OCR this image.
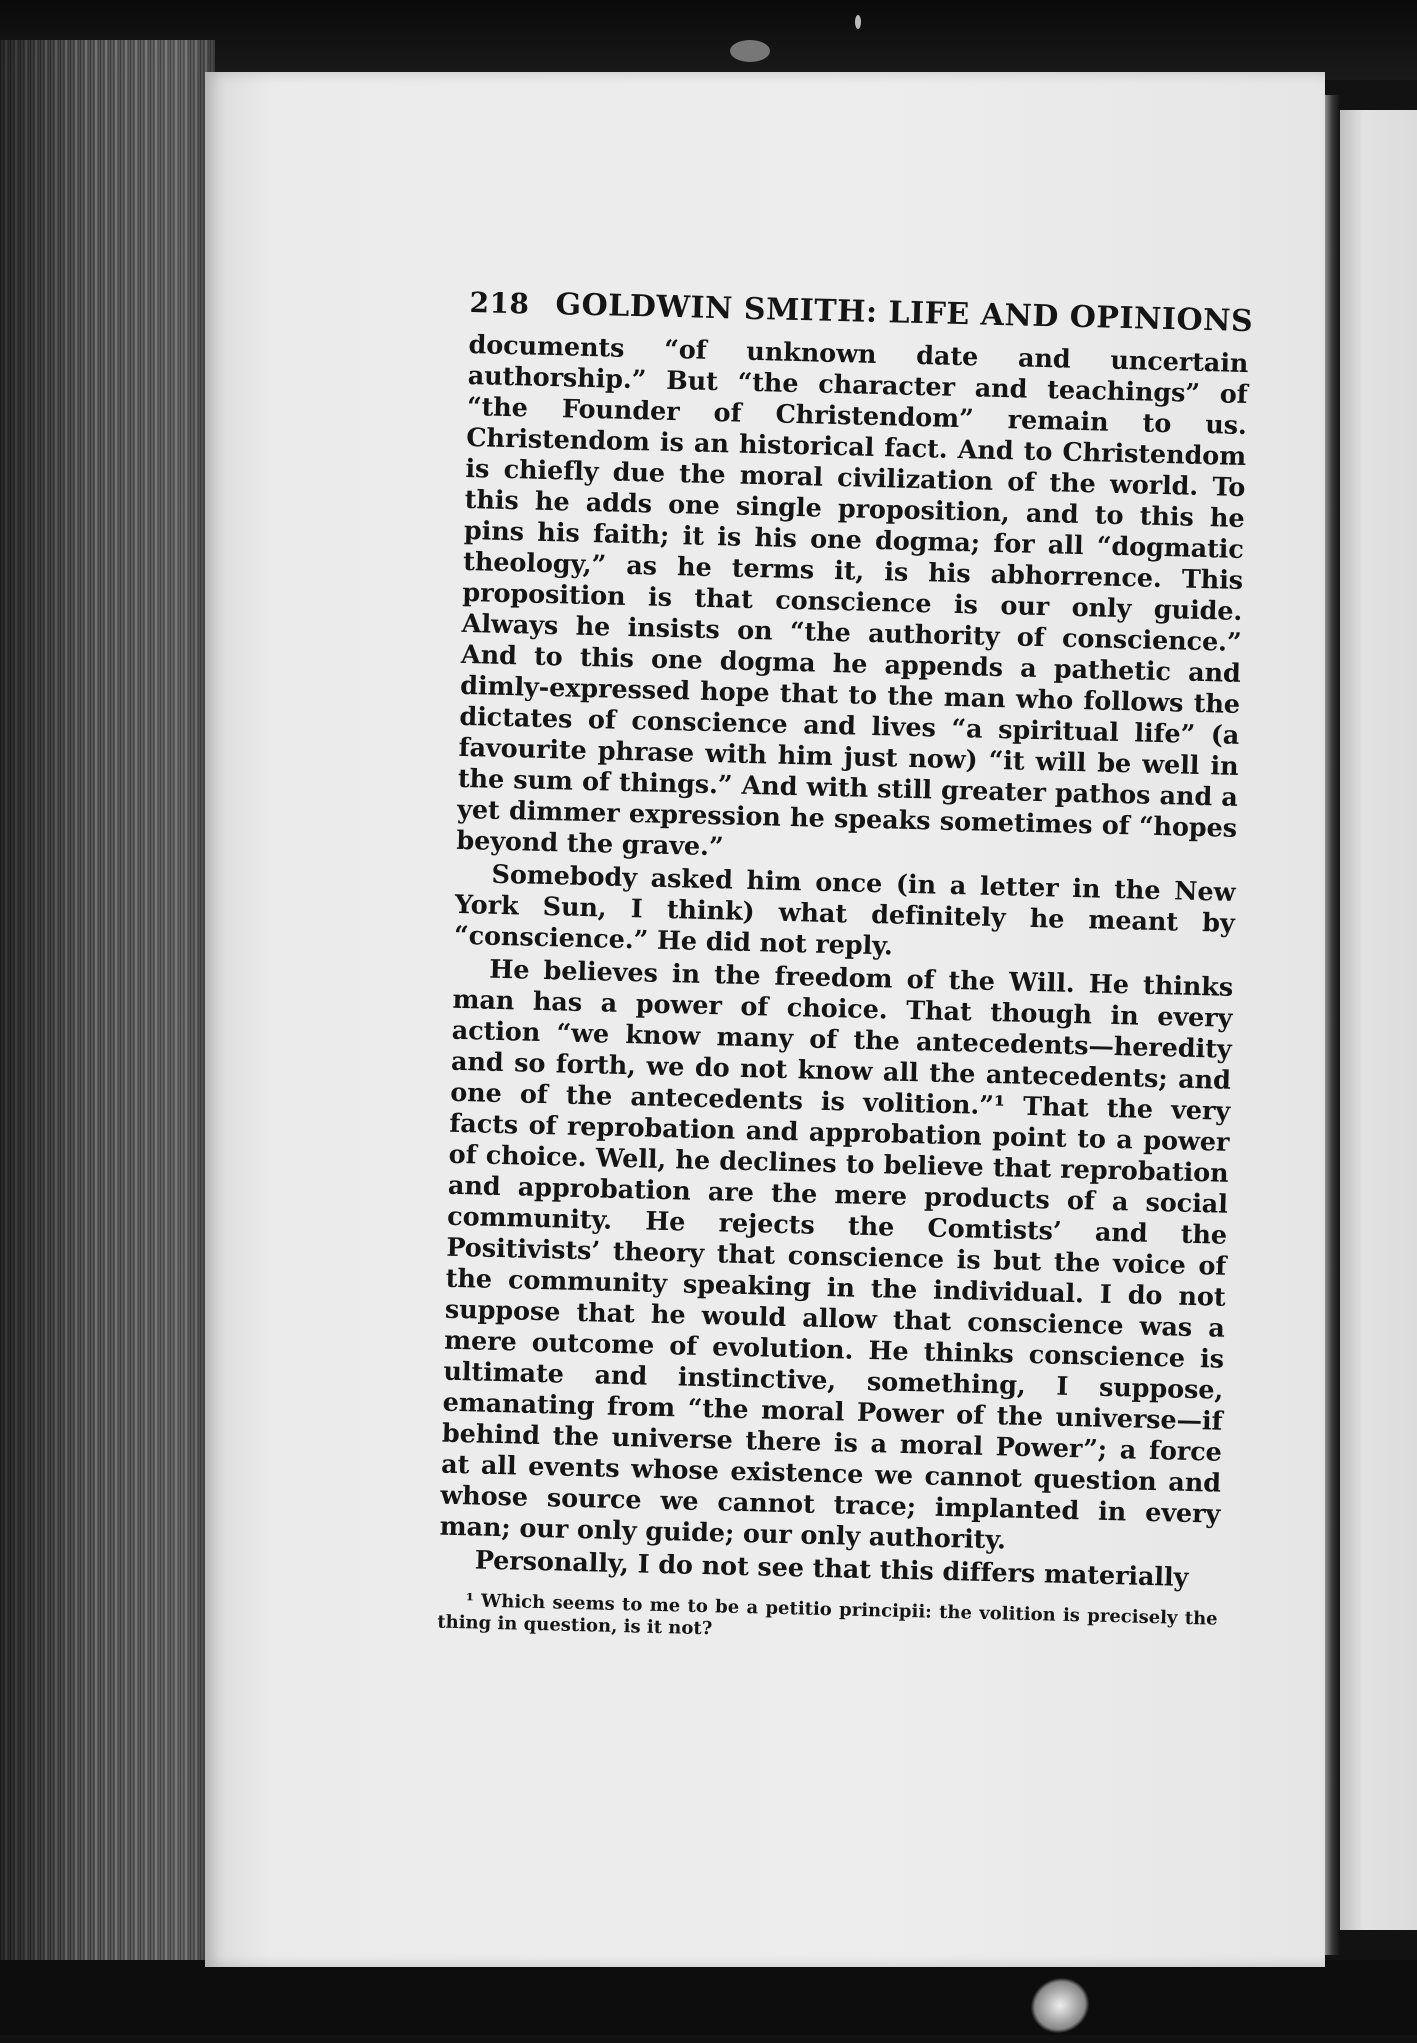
218 GOLDWIN SMITH: LIFE AND OPINIONS

documents “of unknown date and uncertain authorship.” But “the character and teachings” of “the Founder of Christendom” remain to us. Christendom is an historical fact. And to Christendom is chiefly due the moral civilization of the world. To this he adds one single proposition, and to this he pins his faith; it is his one dogma; for all “dogmatic theology,” as he terms it, is his abhorrence. This proposition is that conscience is our only guide. Always he insists on “the authority of conscience.” And to this one dogma he appends a pathetic and dimly-expressed hope that to the man who follows the dictates of conscience and lives “a spiritual life” (a favourite phrase with him just now) “it will be well in the sum of things.” And with still greater pathos and a yet dimmer expression he speaks sometimes of “hopes beyond the grave.”

Somebody asked him once (in a letter in the New York Sun, I think) what definitely he meant by “conscience.” He did not reply.

He believes in the freedom of the Will. He thinks man has a power of choice. That though in every action “we know many of the antecedents—heredity and so forth, we do not know all the antecedents; and one of the antecedents is volition.”¹ That the very facts of reprobation and approbation point to a power of choice. Well, he declines to believe that reprobation and approbation are the mere products of a social community. He rejects the Comtists’ and the Positivists’ theory that conscience is but the voice of the community speaking in the individual. I do not suppose that he would allow that conscience was a mere outcome of evolution. He thinks conscience is ultimate and instinctive, something, I suppose, emanating from “the moral Power of the universe—if behind the universe there is a moral Power”; a force at all events whose existence we cannot question and whose source we cannot trace; implanted in every man; our only guide; our only authority.

Personally, I do not see that this differs materially

¹ Which seems to me to be a petitio principii: the volition is precisely the thing in question, is it not?
